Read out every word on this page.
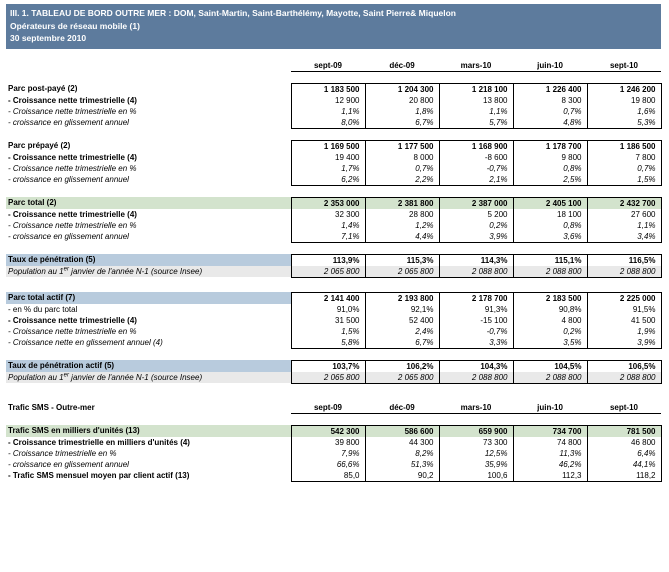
III. 1. TABLEAU DE BORD OUTRE MER : DOM, Saint-Martin, Saint-Barthélémy, Mayotte, Saint Pierre& Miquelon
Opérateurs de réseau mobile (1)
30 septembre 2010

	sept-09	déc-09	mars-10	juin-10	sept-10

Parc post-payé (2)	1 183 500	1 204 300	1 218 100	1 226 400	1 246 200
- Croissance nette trimestrielle (4)	12 900	20 800	13 800	8 300	19 800
- Croissance nette trimestrielle en %	1,1%	1,8%	1,1%	0,7%	1,6%
- croissance en glissement annuel	8,0%	6,7%	5,7%	4,8%	5,3%

Parc prépayé (2)	1 169 500	1 177 500	1 168 900	1 178 700	1 186 500
- Croissance nette trimestrielle (4)	19 400	8 000	-8 600	9 800	7 800
- Croissance nette trimestrielle en %	1,7%	0,7%	-0,7%	0,8%	0,7%
- croissance en glissement annuel	6,2%	2,2%	2,1%	2,5%	1,5%

Parc total (2)	2 353 000	2 381 800	2 387 000	2 405 100	2 432 700
- Croissance nette trimestrielle (4)	32 300	28 800	5 200	18 100	27 600
- Croissance nette trimestrielle en %	1,4%	1,2%	0,2%	0,8%	1,1%
- croissance en glissement annuel	7,1%	4,4%	3,9%	3,6%	3,4%

Taux de pénétration (5)	113,9%	115,3%	114,3%	115,1%	116,5%
Population au 1er janvier de l'année N-1 (source Insee)	2 065 800	2 065 800	2 088 800	2 088 800	2 088 800

Parc total actif (7)	2 141 400	2 193 800	2 178 700	2 183 500	2 225 000
- en % du parc total	91,0%	92,1%	91,3%	90,8%	91,5%
- Croissance nette trimestrielle (4)	31 500	52 400	-15 100	4 800	41 500
- Croissance nette trimestrielle en %	1,5%	2,4%	-0,7%	0,2%	1,9%
- Croissance nette en glissement annuel (4)	5,8%	6,7%	3,3%	3,5%	3,9%

Taux de pénétration actif (5)	103,7%	106,2%	104,3%	104,5%	106,5%
Population au 1er janvier de l'année N-1 (source Insee)	2 065 800	2 065 800	2 088 800	2 088 800	2 088 800

Trafic SMS - Outre-mer	sept-09	déc-09	mars-10	juin-10	sept-10

Trafic SMS en milliers d'unités (13)	542 300	586 600	659 900	734 700	781 500
- Croissance trimestrielle en milliers d'unités (4)	39 800	44 300	73 300	74 800	46 800
- Croissance trimestrielle en %	7,9%	8,2%	12,5%	11,3%	6,4%
- croissance en glissement annuel	66,6%	51,3%	35,9%	46,2%	44,1%
- Trafic SMS mensuel moyen par client actif (13)	85,0	90,2	100,6	112,3	118,2
